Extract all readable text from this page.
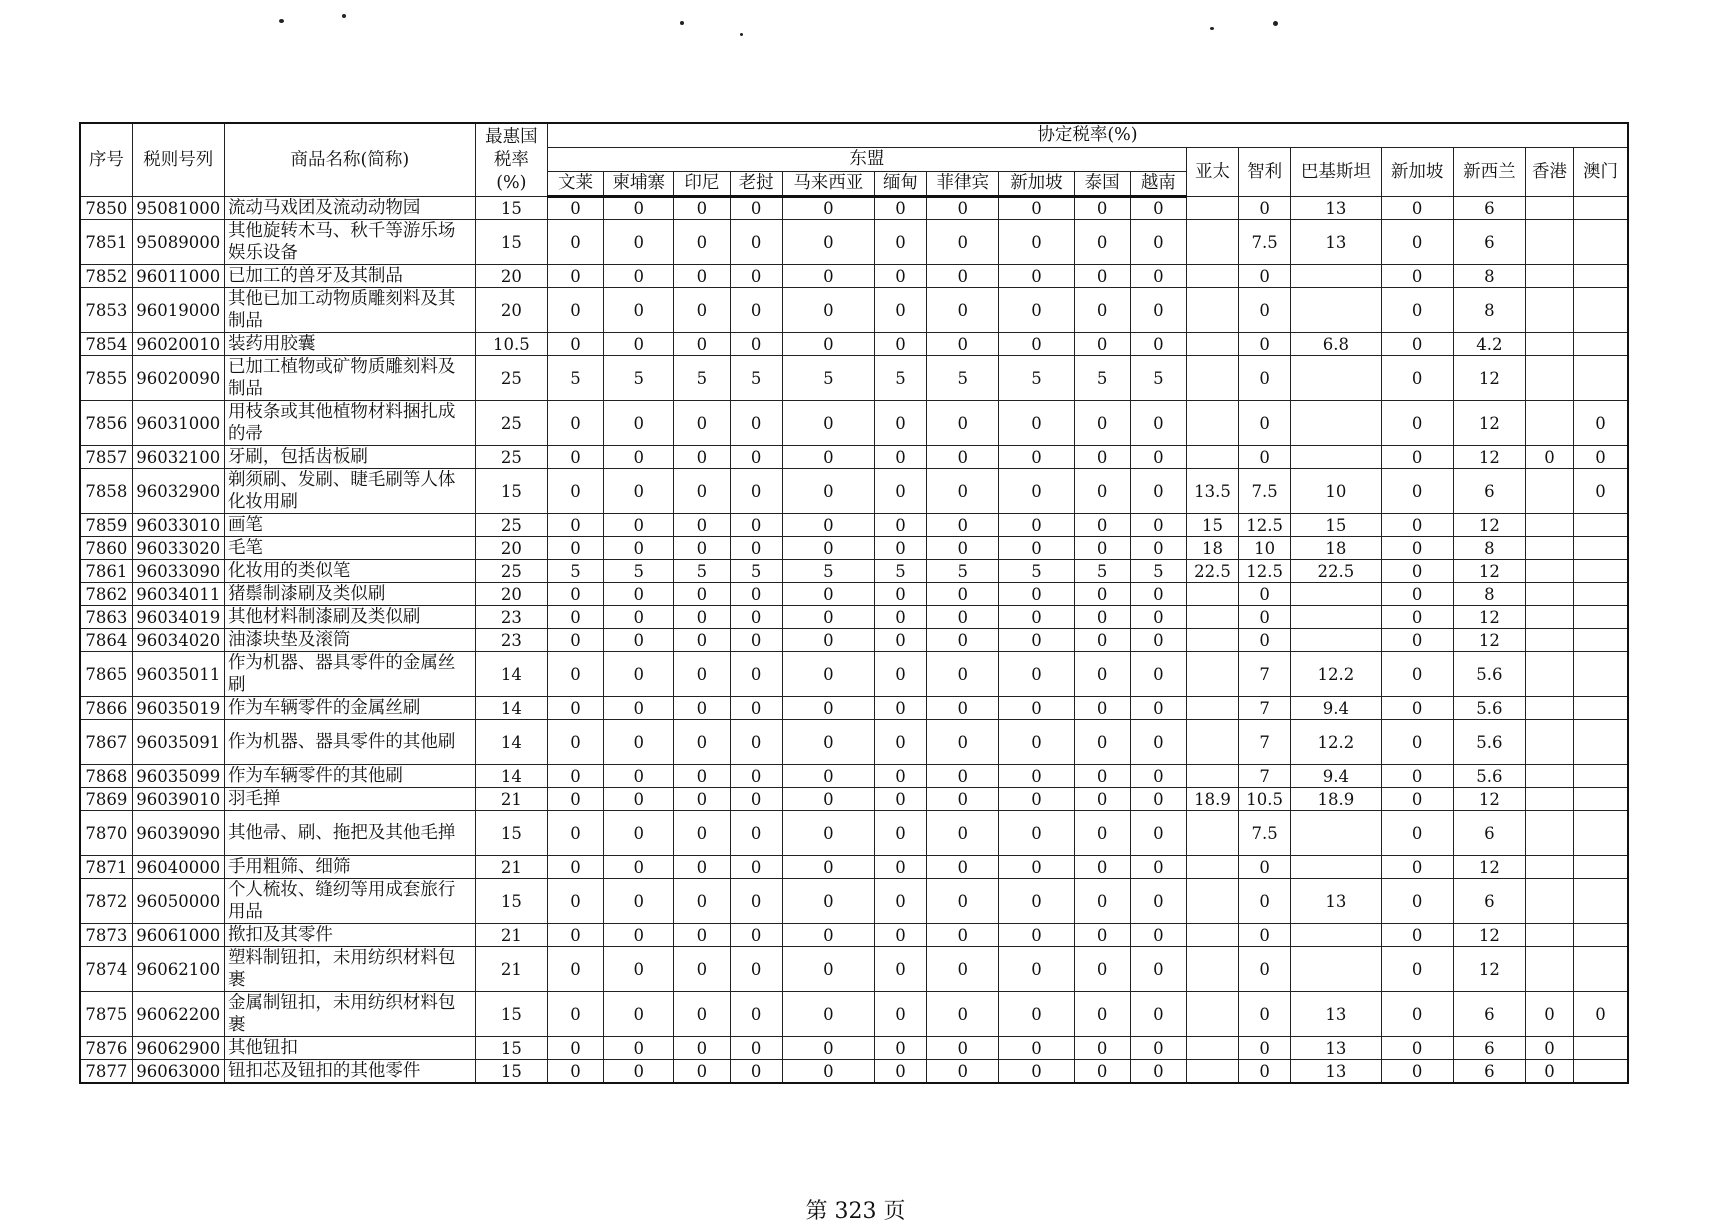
序号	税则号列	商品名称(简称)	最惠国
税率
(%)	协定税率(%)																
				东盟										亚太	智利	巴基斯坦	新加坡	新西兰	香港	澳门
				文莱	柬埔寨	印尼	老挝	马来西亚	缅甸	菲律宾	新加坡	泰国	越南							
7850	95081000	流动马戏团及流动动物园	15	0	0	0	0	0	0	0	0	0	0		0	13	0	6		
7851	95089000	其他旋转木马、秋千等游乐场娱乐设备	15	0	0	0	0	0	0	0	0	0	0		7.5	13	0	6		
7852	96011000	已加工的兽牙及其制品	20	0	0	0	0	0	0	0	0	0	0		0		0	8		
7853	96019000	其他已加工动物质雕刻料及其制品	20	0	0	0	0	0	0	0	0	0	0		0		0	8		
7854	96020010	装药用胶囊	10.5	0	0	0	0	0	0	0	0	0	0		0	6.8	0	4.2		
7855	96020090	已加工植物或矿物质雕刻料及制品	25	5	5	5	5	5	5	5	5	5	5		0		0	12		
7856	96031000	用枝条或其他植物材料捆扎成的帚	25	0	0	0	0	0	0	0	0	0	0		0		0	12		0
7857	96032100	牙刷，包括齿板刷	25	0	0	0	0	0	0	0	0	0	0		0		0	12	0	0
7858	96032900	剃须刷、发刷、睫毛刷等人体化妆用刷	15	0	0	0	0	0	0	0	0	0	0	13.5	7.5	10	0	6		0
7859	96033010	画笔	25	0	0	0	0	0	0	0	0	0	0	15	12.5	15	0	12		
7860	96033020	毛笔	20	0	0	0	0	0	0	0	0	0	0	18	10	18	0	8		
7861	96033090	化妆用的类似笔	25	5	5	5	5	5	5	5	5	5	5	22.5	12.5	22.5	0	12		
7862	96034011	猪鬃制漆刷及类似刷	20	0	0	0	0	0	0	0	0	0	0		0		0	8		
7863	96034019	其他材料制漆刷及类似刷	23	0	0	0	0	0	0	0	0	0	0		0		0	12		
7864	96034020	油漆块垫及滚筒	23	0	0	0	0	0	0	0	0	0	0		0		0	12		
7865	96035011	作为机器、器具零件的金属丝刷	14	0	0	0	0	0	0	0	0	0	0		7	12.2	0	5.6		
7866	96035019	作为车辆零件的金属丝刷	14	0	0	0	0	0	0	0	0	0	0		7	9.4	0	5.6		
7867	96035091	作为机器、器具零件的其他刷	14	0	0	0	0	0	0	0	0	0	0		7	12.2	0	5.6		
7868	96035099	作为车辆零件的其他刷	14	0	0	0	0	0	0	0	0	0	0		7	9.4	0	5.6		
7869	96039010	羽毛掸	21	0	0	0	0	0	0	0	0	0	0	18.9	10.5	18.9	0	12		
7870	96039090	其他帚、刷、拖把及其他毛掸	15	0	0	0	0	0	0	0	0	0	0		7.5		0	6		
7871	96040000	手用粗筛、细筛	21	0	0	0	0	0	0	0	0	0	0		0		0	12		
7872	96050000	个人梳妆、缝纫等用成套旅行用品	15	0	0	0	0	0	0	0	0	0	0		0	13	0	6		
7873	96061000	揿扣及其零件	21	0	0	0	0	0	0	0	0	0	0		0		0	12		
7874	96062100	塑料制钮扣，未用纺织材料包裹	21	0	0	0	0	0	0	0	0	0	0		0		0	12		
7875	96062200	金属制钮扣，未用纺织材料包裹	15	0	0	0	0	0	0	0	0	0	0		0	13	0	6	0	0
7876	96062900	其他钮扣	15	0	0	0	0	0	0	0	0	0	0		0	13	0	6	0	
7877	96063000	钮扣芯及钮扣的其他零件	15	0	0	0	0	0	0	0	0	0	0		0	13	0	6	0	
第 323 页
